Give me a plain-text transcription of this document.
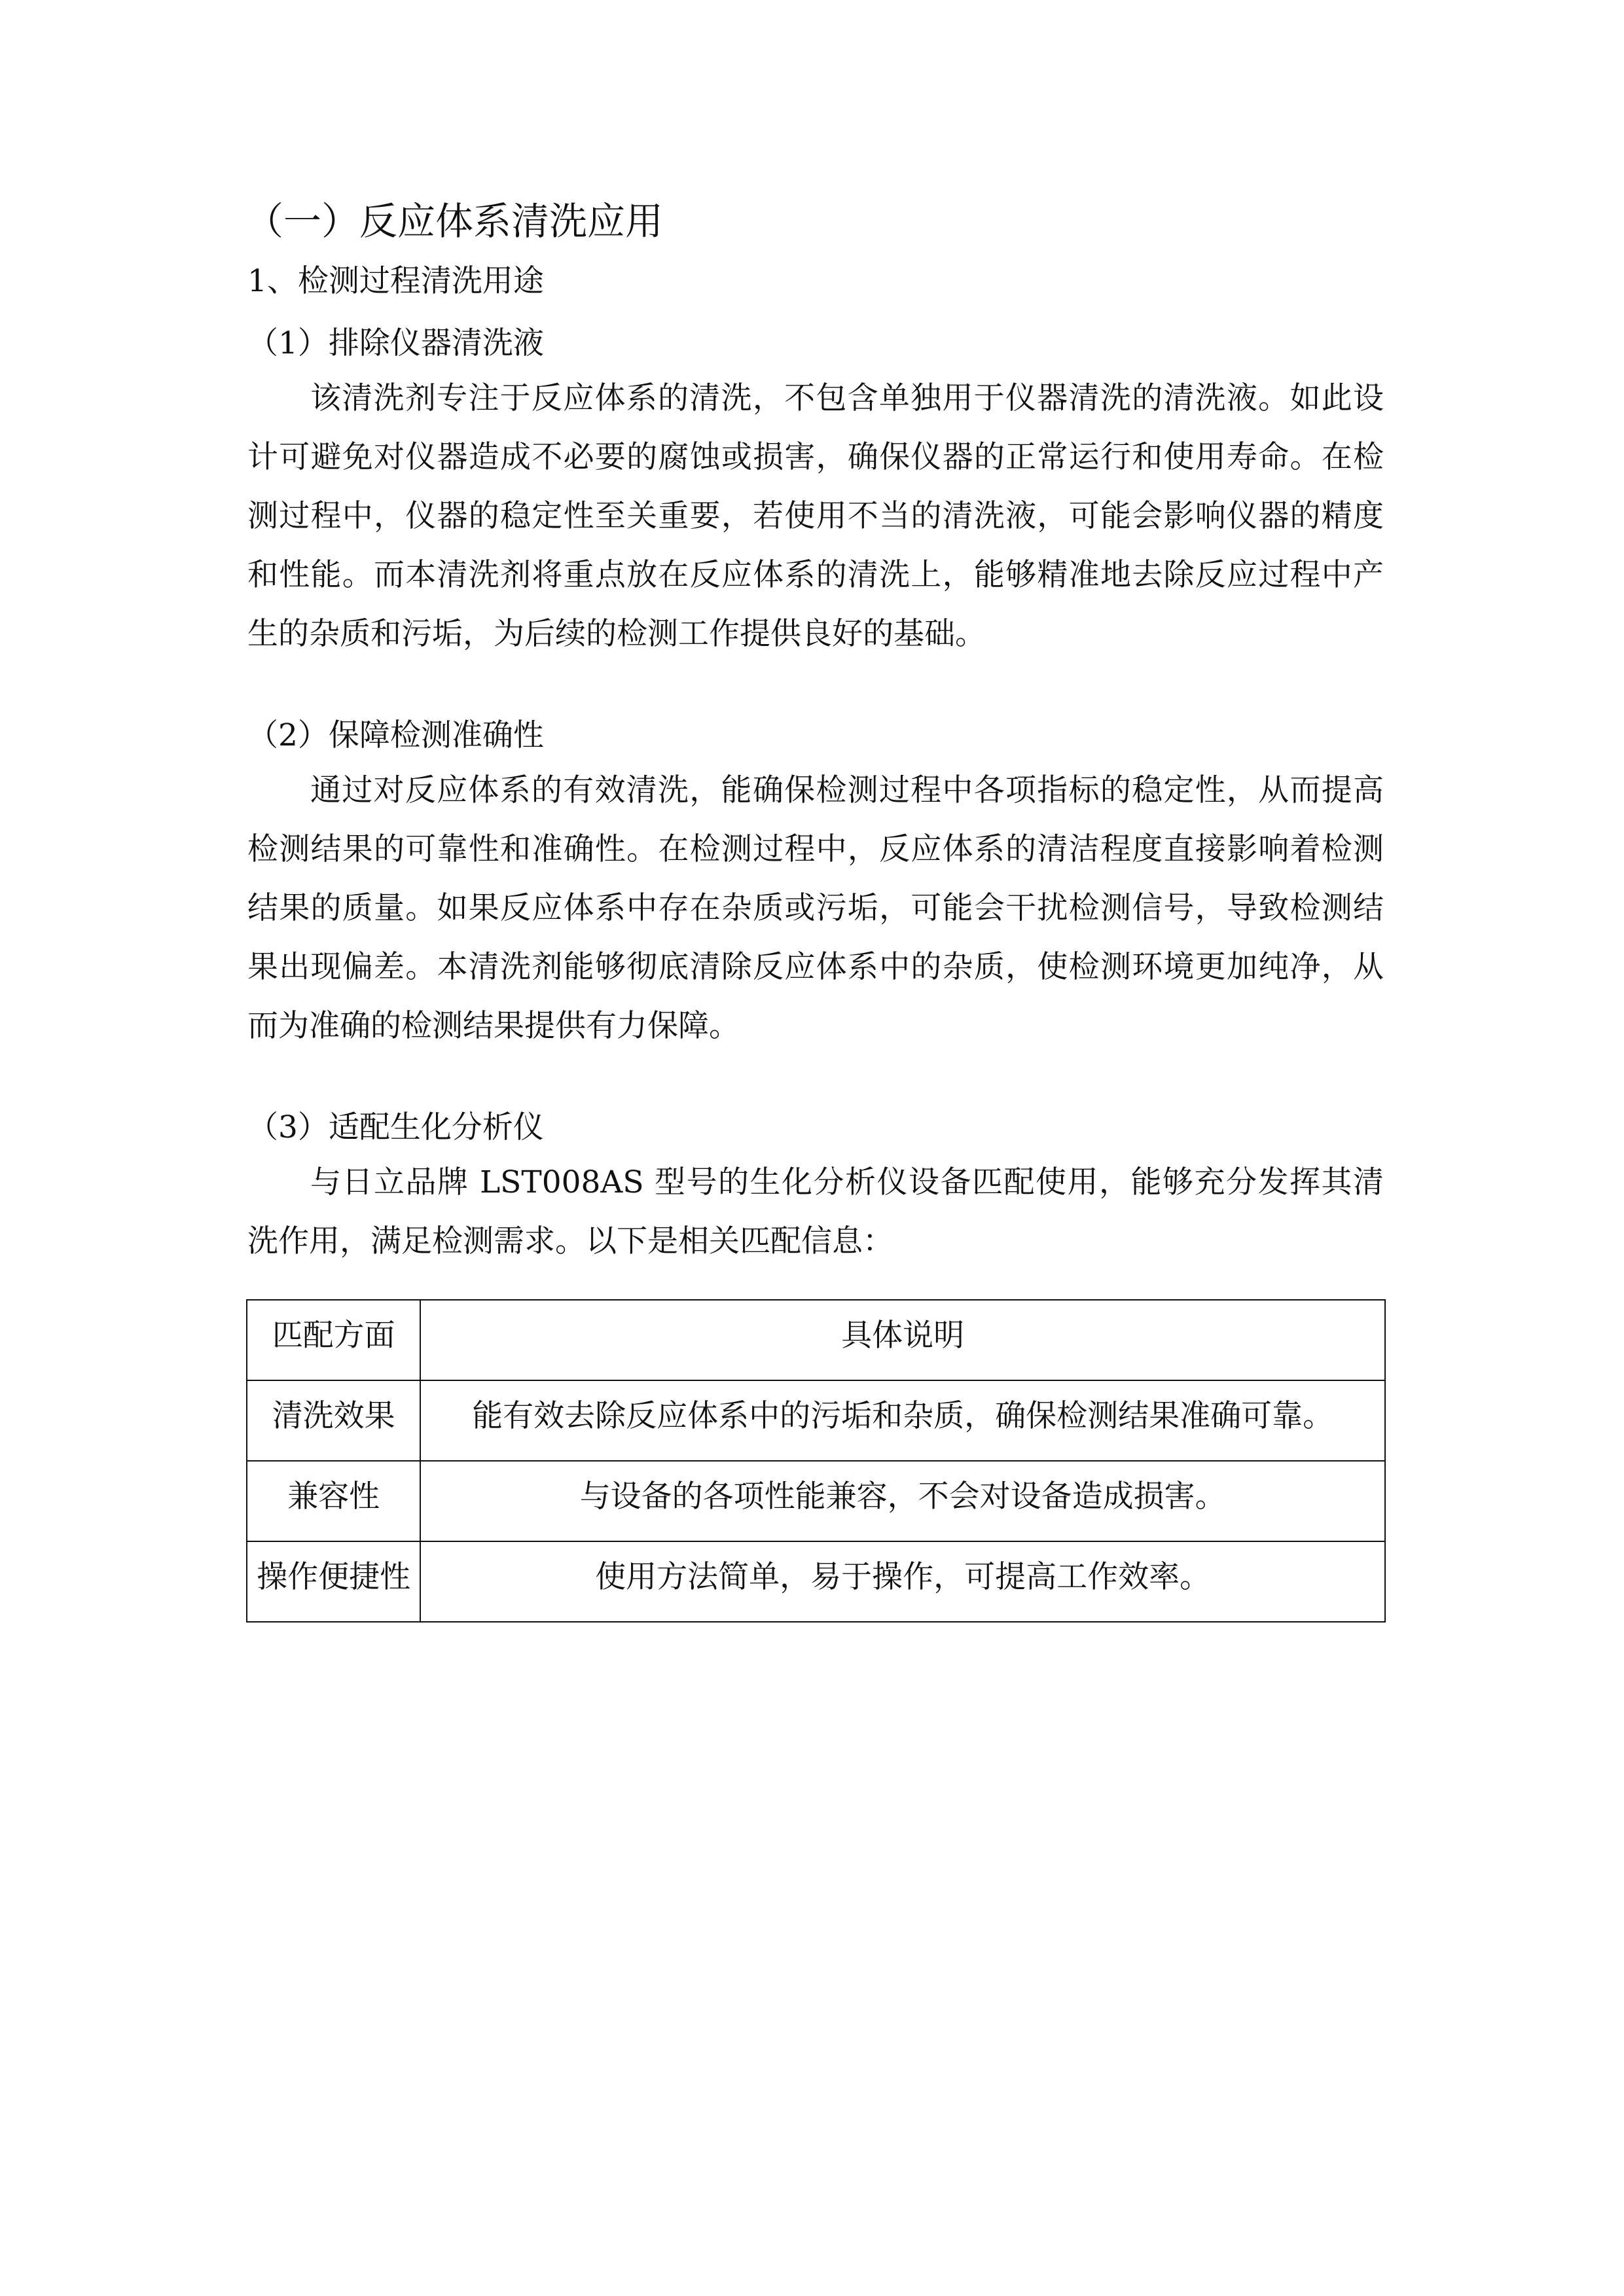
（一）反应体系清洗应用
1、检测过程清洗用途
（1）排除仪器清洗液

该清洗剂专注于反应体系的清洗，不包含单独用于仪器清洗的清洗液。如此设计可避免对仪器造成不必要的腐蚀或损害，确保仪器的正常运行和使用寿命。在检测过程中，仪器的稳定性至关重要，若使用不当的清洗液，可能会影响仪器的精度和性能。而本清洗剂将重点放在反应体系的清洗上，能够精准地去除反应过程中产生的杂质和污垢，为后续的检测工作提供良好的基础。

（2）保障检测准确性

通过对反应体系的有效清洗，能确保检测过程中各项指标的稳定性，从而提高检测结果的可靠性和准确性。在检测过程中，反应体系的清洁程度直接影响着检测结果的质量。如果反应体系中存在杂质或污垢，可能会干扰检测信号，导致检测结果出现偏差。本清洗剂能够彻底清除反应体系中的杂质，使检测环境更加纯净，从而为准确的检测结果提供有力保障。

（3）适配生化分析仪

与日立品牌 LST008AS 型号的生化分析仪设备匹配使用，能够充分发挥其清洗作用，满足检测需求。以下是相关匹配信息：

匹配方面	具体说明

清洗效果	能有效去除反应体系中的污垢和杂质，确保检测结果准确可靠。

兼容性	与设备的各项性能兼容，不会对设备造成损害。

操作便捷性	使用方法简单，易于操作，可提高工作效率。
